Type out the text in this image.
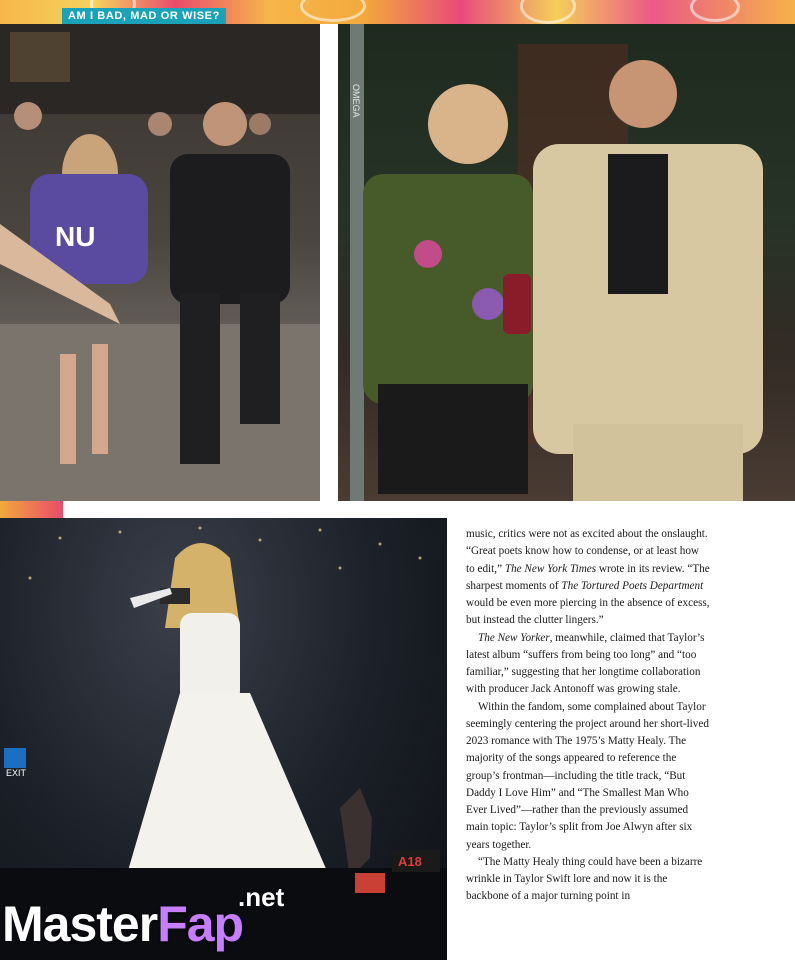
AM I BAD, MAD OR WISE?
NU
OMEGA
EXIT
A18

music, critics were not as excited about the onslaught. “Great poets know how to condense, or at least how to edit,” The New York Times wrote in its review. “The sharpest moments of The Tortured Poets Department would be even more piercing in the absence of excess, but instead the clutter lingers.”

The New Yorker, meanwhile, claimed that Taylor’s latest album “suffers from being too long” and “too familiar,” suggesting that her longtime collaboration with producer Jack Antonoff was growing stale.

Within the fandom, some complained about Taylor seemingly centering the project around her short-lived 2023 romance with The 1975’s Matty Healy. The majority of the songs appeared to reference the group’s frontman—including the title track, “But Daddy I Love Him” and “The Smallest Man Who Ever Lived”—rather than the previously assumed main topic: Taylor’s split from Joe Alwyn after six years together.

“The Matty Healy thing could have been a bizarre wrinkle in Taylor Swift lore and now it is the backbone of a major turning point in

.net
MasterFap
